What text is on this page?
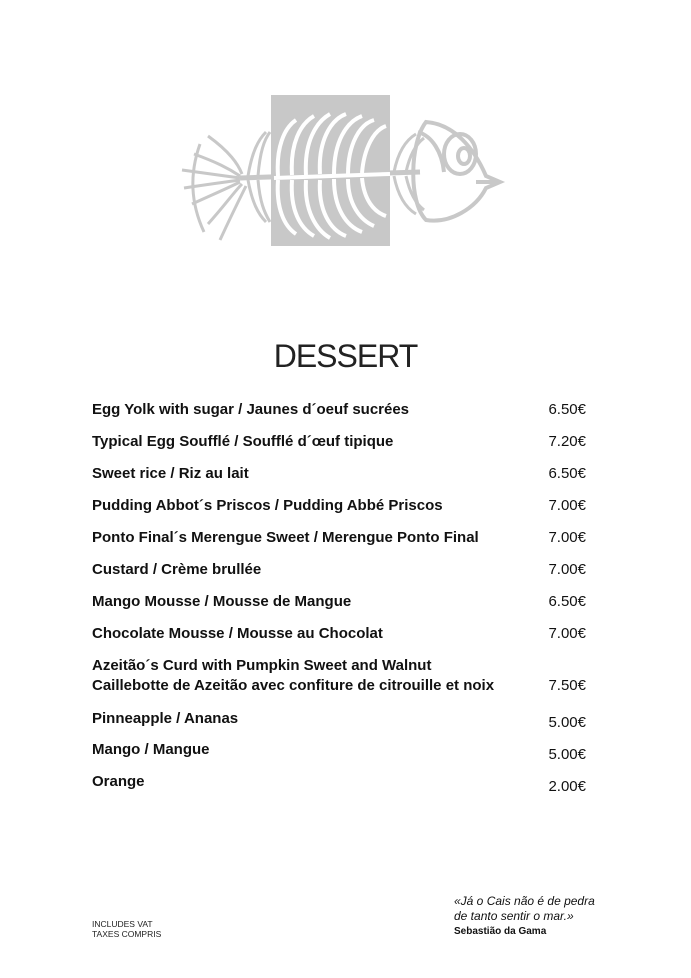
DESSERT
Egg Yolk with sugar / Jaunes d´oeuf sucrées	6.50€
Typical Egg Soufflé / Soufflé d´œuf tipique	7.20€
Sweet rice / Riz au lait	6.50€
Pudding Abbot´s Priscos / Pudding Abbé Priscos	7.00€
Ponto Final´s Merengue Sweet / Merengue Ponto Final	7.00€
Custard / Crème brullée	7.00€
Mango Mousse / Mousse de Mangue	6.50€
Chocolate Mousse / Mousse au Chocolat	7.00€
Azeitão´s Curd with Pumpkin Sweet and Walnut
Caillebotte de Azeitão avec confiture de citrouille et noix	7.50€
Pinneapple / Ananas	5.00€
Mango / Mangue	5.00€
Orange	2.00€
INCLUDES VAT
TAXES COMPRIS
«Já o Cais não é de pedra
de tanto sentir o mar.»
Sebastião da Gama
